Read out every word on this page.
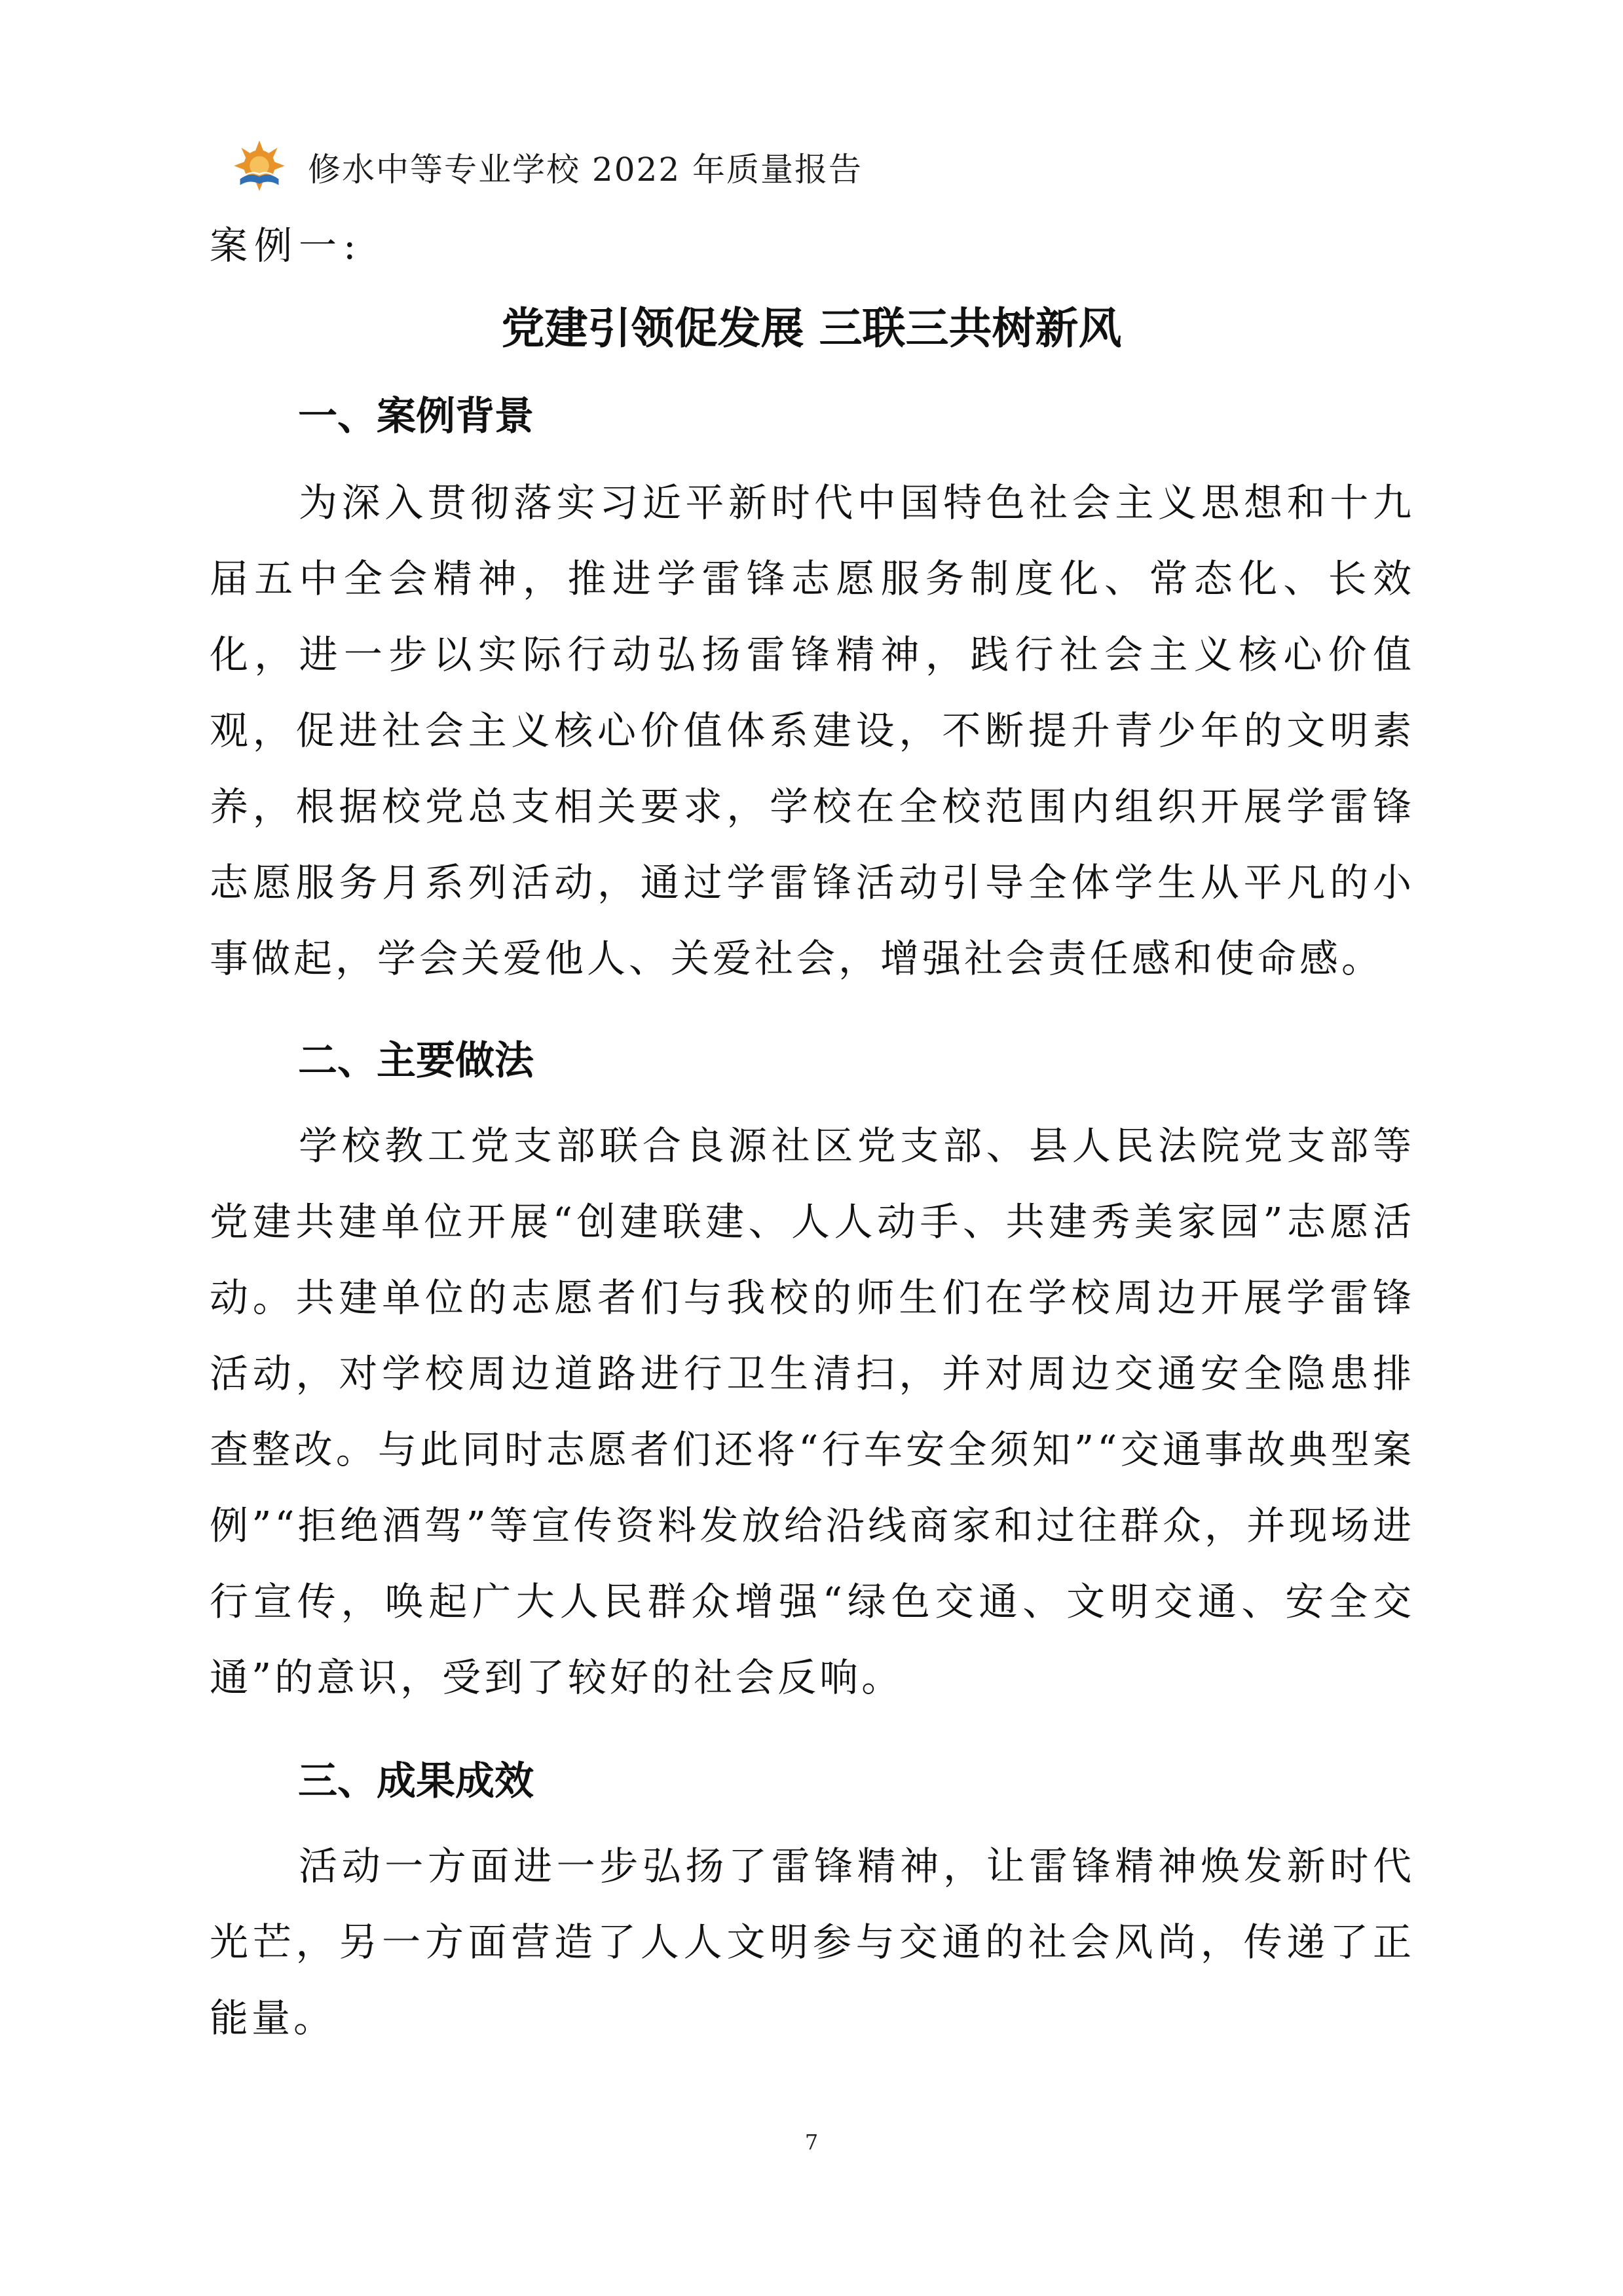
修水中等专业学校 2022 年质量报告
案例一:
党建引领促发展 三联三共树新风
一、案例背景

为深入贯彻落实习近平新时代中国特色社会主义思想和十九届五中全会精神，推进学雷锋志愿服务制度化、常态化、长效化，进一步以实际行动弘扬雷锋精神，践行社会主义核心价值观，促进社会主义核心价值体系建设，不断提升青少年的文明素养，根据校党总支相关要求，学校在全校范围内组织开展学雷锋志愿服务月系列活动，通过学雷锋活动引导全体学生从平凡的小事做起，学会关爱他人、关爱社会，增强社会责任感和使命感。

二、主要做法

学校教工党支部联合良源社区党支部、县人民法院党支部等党建共建单位开展“创建联建、人人动手、共建秀美家园”志愿活动。共建单位的志愿者们与我校的师生们在学校周边开展学雷锋活动，对学校周边道路进行卫生清扫，并对周边交通安全隐患排查整改。与此同时志愿者们还将“行车安全须知”“交通事故典型案例”“拒绝酒驾”等宣传资料发放给沿线商家和过往群众，并现场进行宣传，唤起广大人民群众增强“绿色交通、文明交通、安全交通”的意识，受到了较好的社会反响。

三、成果成效

活动一方面进一步弘扬了雷锋精神，让雷锋精神焕发新时代光芒，另一方面营造了人人文明参与交通的社会风尚，传递了正能量。

7
